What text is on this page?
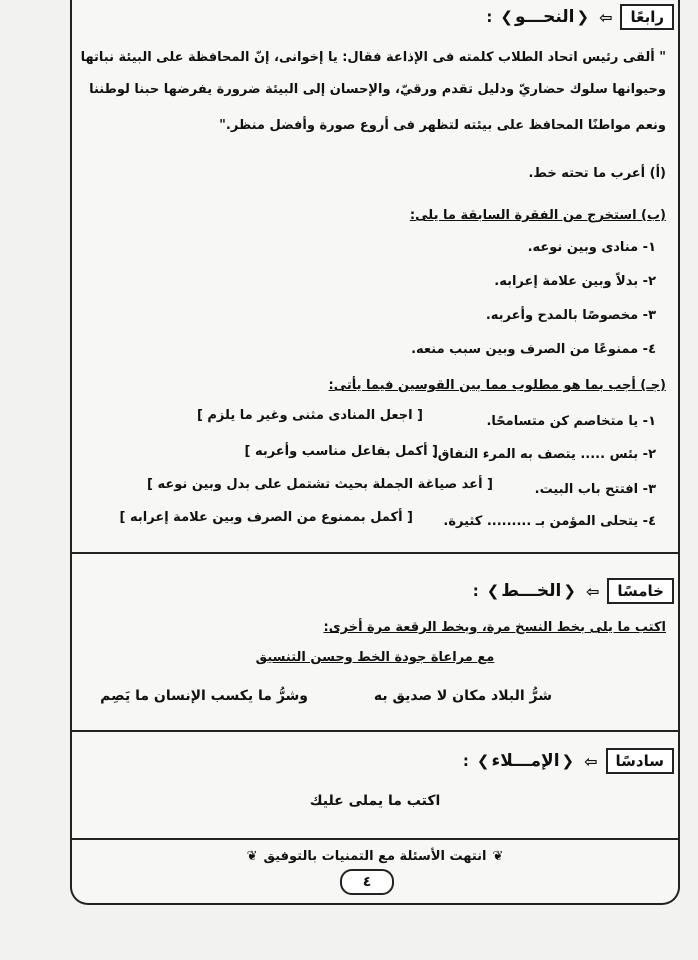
رابعًا
⇦
❮
النحـــو
❯
:
" ألقى رئيس اتحاد الطلاب كلمته فى الإذاعة فقال: يا إخوانى، إنّ المحافظة على البيئة نباتها
وحيوانها سلوك حضاريّ ودليل تقدم ورقيّ، والإحسان إلى البيئة ضرورة يفرضها حبنا لوطننا
ونعم مواطنًا المحافظ على بيئته لتظهر فى أروع صورة وأفضل منظر."
(أ) أعرب ما تحته خط.
(ب) استخرج من الفقرة السابقة ما يلى:
١- منادى وبين نوعه.
٢- بدلاً وبين علامة إعرابه.
٣- مخصوصًا بالمدح وأعربه.
٤- ممنوعًا من الصرف وبين سبب منعه.
(جـ) أجب بما هو مطلوب مما بين القوسين فيما يأتى:
١- يا متخاصم كن متسامحًا.
[ اجعل المنادى مثنى وغير ما يلزم ]
٢- بئس ..... يتصف به المرء النفاق.
[ أكمل بفاعل مناسب وأعربه ]
٣- افتتح باب البيت.
[ أعد صياغة الجملة بحيث تشتمل على بدل وبين نوعه ]
٤- يتحلى المؤمن بـ ......... كثيرة.
[ أكمل بممنوع من الصرف وبين علامة إعرابه ]
خامسًا
⇦
❮
الخـــط
❯
:
اكتب ما يلى بخط النسخ مرة، وبخط الرقعة مرة أخرى:
مع مراعاة جودة الخط وحسن التنسيق
شرُّ البلاد مكان لا صديق به
وشرُّ ما يكسب الإنسان ما يَصِم
سادسًا
⇦
❮
الإمـــلاء
❯
:
اكتب ما يملى عليك
❦
انتهت الأسئلة مع التمنيات بالتوفيق
❦
٤
